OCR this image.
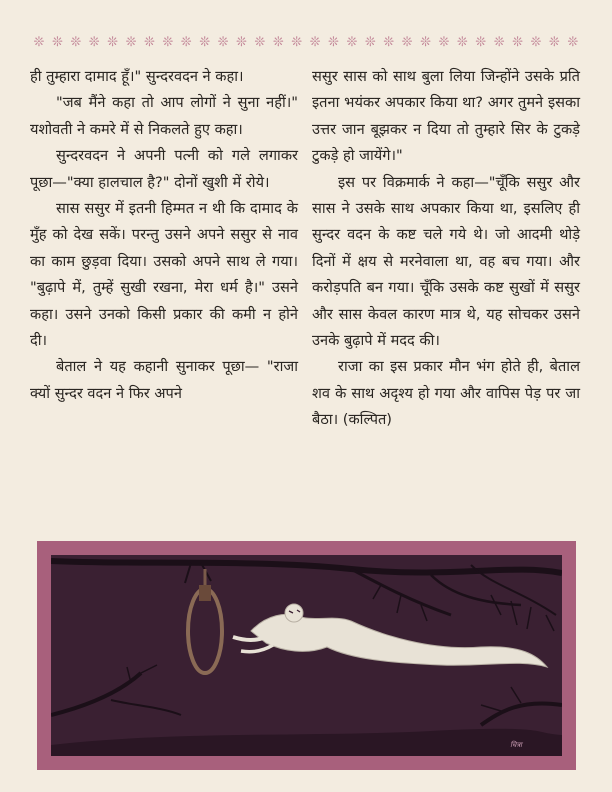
❊ ❊ ❊ ❊ ❊ ❊ ❊ ❊ ❊ ❊ ❊ ❊ ❊ ❊ ❊ ❊ ❊ ❊ ❊ ❊ ❊ ❊ ❊ ❊ ❊ ❊ ❊ ❊ ❊ ❊

ही तुम्हारा दामाद हूँ।" सुन्दरवदन ने कहा।

"जब मैंने कहा तो आप लोगों ने सुना नहीं।" यशोवती ने कमरे में से निकलते हुए कहा।

सुन्दरवदन ने अपनी पत्नी को गले लगाकर पूछा—"क्या हालचाल है?" दोनों खुशी में रोये।

सास ससुर में इतनी हिम्मत न थी कि दामाद के मुँह को देख सकें। परन्तु उसने अपने ससुर से नाव का काम छुड़वा दिया। उसको अपने साथ ले गया। "बुढ़ापे में, तुम्हें सुखी रखना, मेरा धर्म है।" उसने कहा। उसने उनको किसी प्रकार की कमी न होने दी।

बेताल ने यह कहानी सुनाकर पूछा— "राजा क्यों सुन्दर वदन ने फिर अपने

ससुर सास को साथ बुला लिया जिन्होंने उसके प्रति इतना भयंकर अपकार किया था? अगर तुमने इसका उत्तर जान बूझकर न दिया तो तुम्हारे सिर के टुकड़े टुकड़े हो जायेंगे।"

इस पर विक्रमार्क ने कहा—"चूँकि ससुर और सास ने उसके साथ अपकार किया था, इसलिए ही सुन्दर वदन के कष्ट चले गये थे। जो आदमी थोड़े दिनों में क्षय से मरनेवाला था, वह बच गया। और करोड़पति बन गया। चूँकि उसके कष्ट सुखों में ससुर और सास केवल कारण मात्र थे, यह सोचकर उसने उनके बुढ़ापे में मदद की।

राजा का इस प्रकार मौन भंग होते ही, बेताल शव के साथ अदृश्य हो गया और वापिस पेड़ पर जा बैठा। (कल्पित)

चित्रा
